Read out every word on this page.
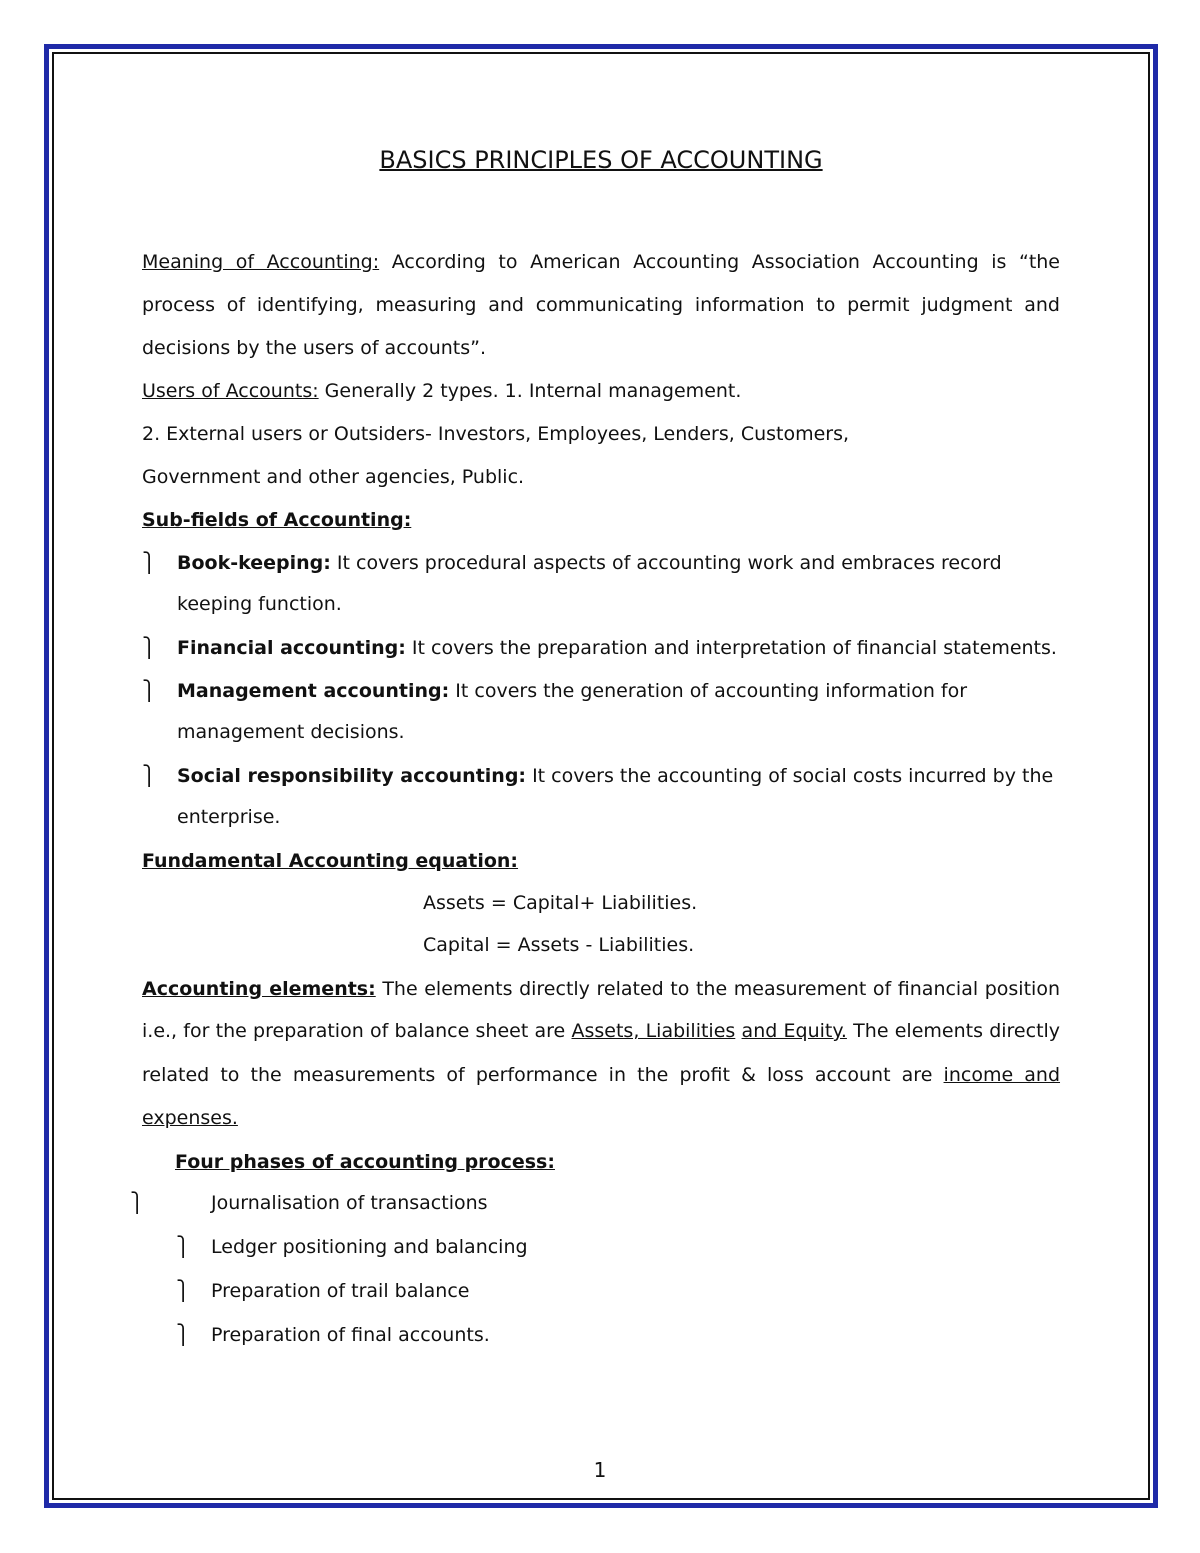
BASICS PRINCIPLES OF ACCOUNTING
Meaning of Accounting: According to American Accounting Association Accounting is “the
process of identifying, measuring and communicating information to permit judgment and
decisions by the users of accounts”.
Users of Accounts: Generally 2 types. 1. Internal management.
2. External users or Outsiders- Investors, Employees, Lenders, Customers,
Government and other agencies, Public.
Sub-fields of Accounting:
⎫ Book-keeping: It covers procedural aspects of accounting work and embraces record
keeping function.
⎫ Financial accounting: It covers the preparation and interpretation of financial statements.
⎫ Management accounting: It covers the generation of accounting information for
management decisions.
⎫ Social responsibility accounting: It covers the accounting of social costs incurred by the
enterprise.
Fundamental Accounting equation:
Assets = Capital+ Liabilities.
Capital = Assets - Liabilities.
Accounting elements: The elements directly related to the measurement of financial position
i.e., for the preparation of balance sheet are Assets, Liabilities and Equity. The elements directly
related to the measurements of performance in the profit & loss account are income and
expenses.
Four phases of accounting process:
⎫	Journalisation of transactions
⎫ Ledger positioning and balancing
⎫ Preparation of trail balance
⎫ Preparation of final accounts.
1
